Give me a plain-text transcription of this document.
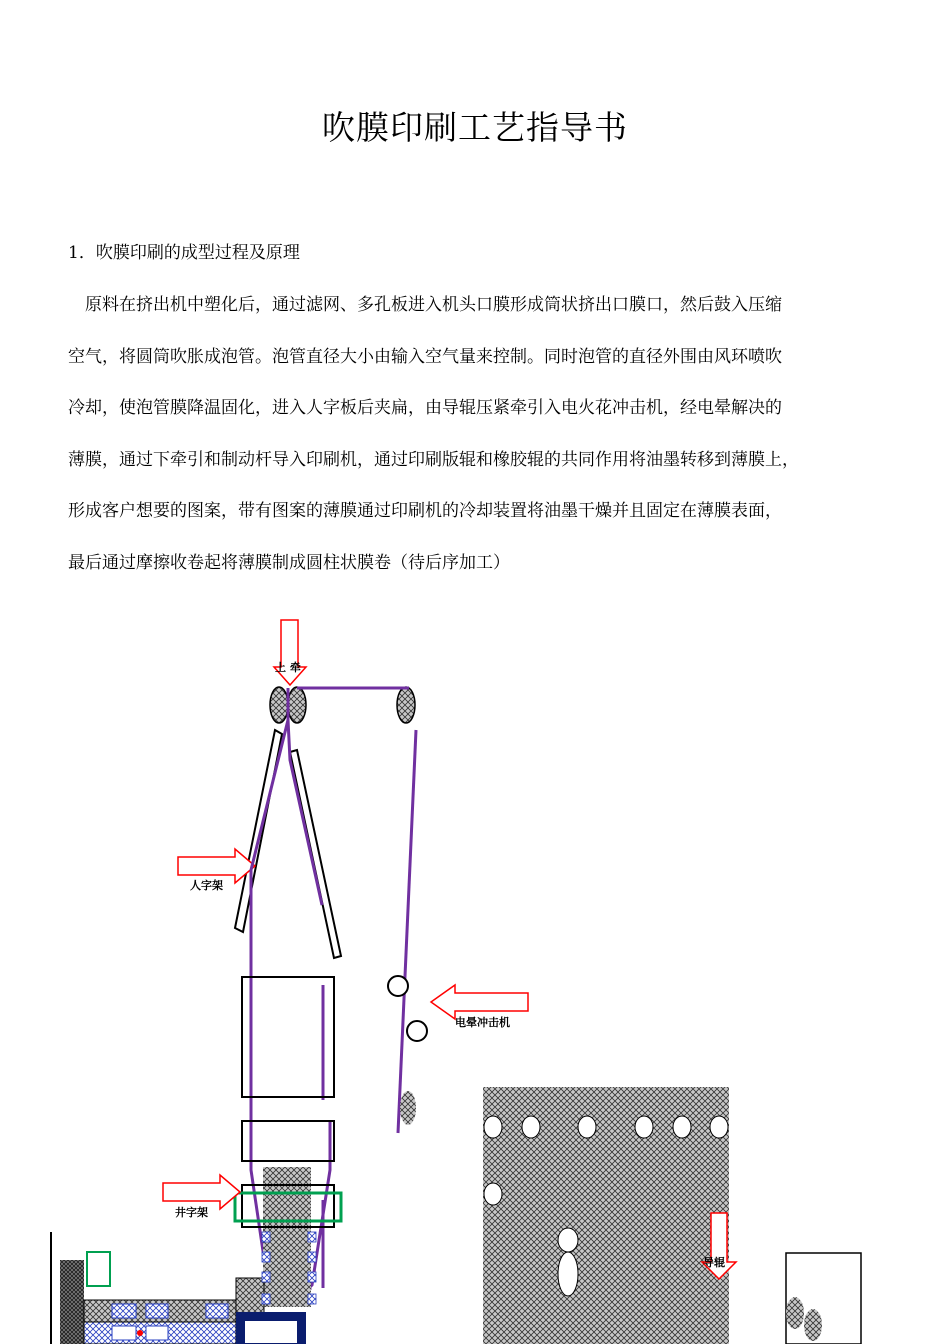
吹膜印刷工艺指导书
1．吹膜印刷的成型过程及原理
原料在挤出机中塑化后，通过滤网、多孔板进入机头口膜形成筒状挤出口膜口，然后鼓入压缩
空气，将圆筒吹胀成泡管。泡管直径大小由输入空气量来控制。同时泡管的直径外围由风环喷吹
冷却，使泡管膜降温固化，进入人字板后夹扁，由导辊压紧牵引入电火花冲击机，经电晕解决的
薄膜，通过下牵引和制动杆导入印刷机，通过印刷版辊和橡胶辊的共同作用将油墨转移到薄膜上，
形成客户想要的图案，带有图案的薄膜通过印刷机的冷却装置将油墨干燥并且固定在薄膜表面，
最后通过摩擦收卷起将薄膜制成圆柱状膜卷（待后序加工）
上 牵
人字架
井字架
电晕冲击机
导辊
